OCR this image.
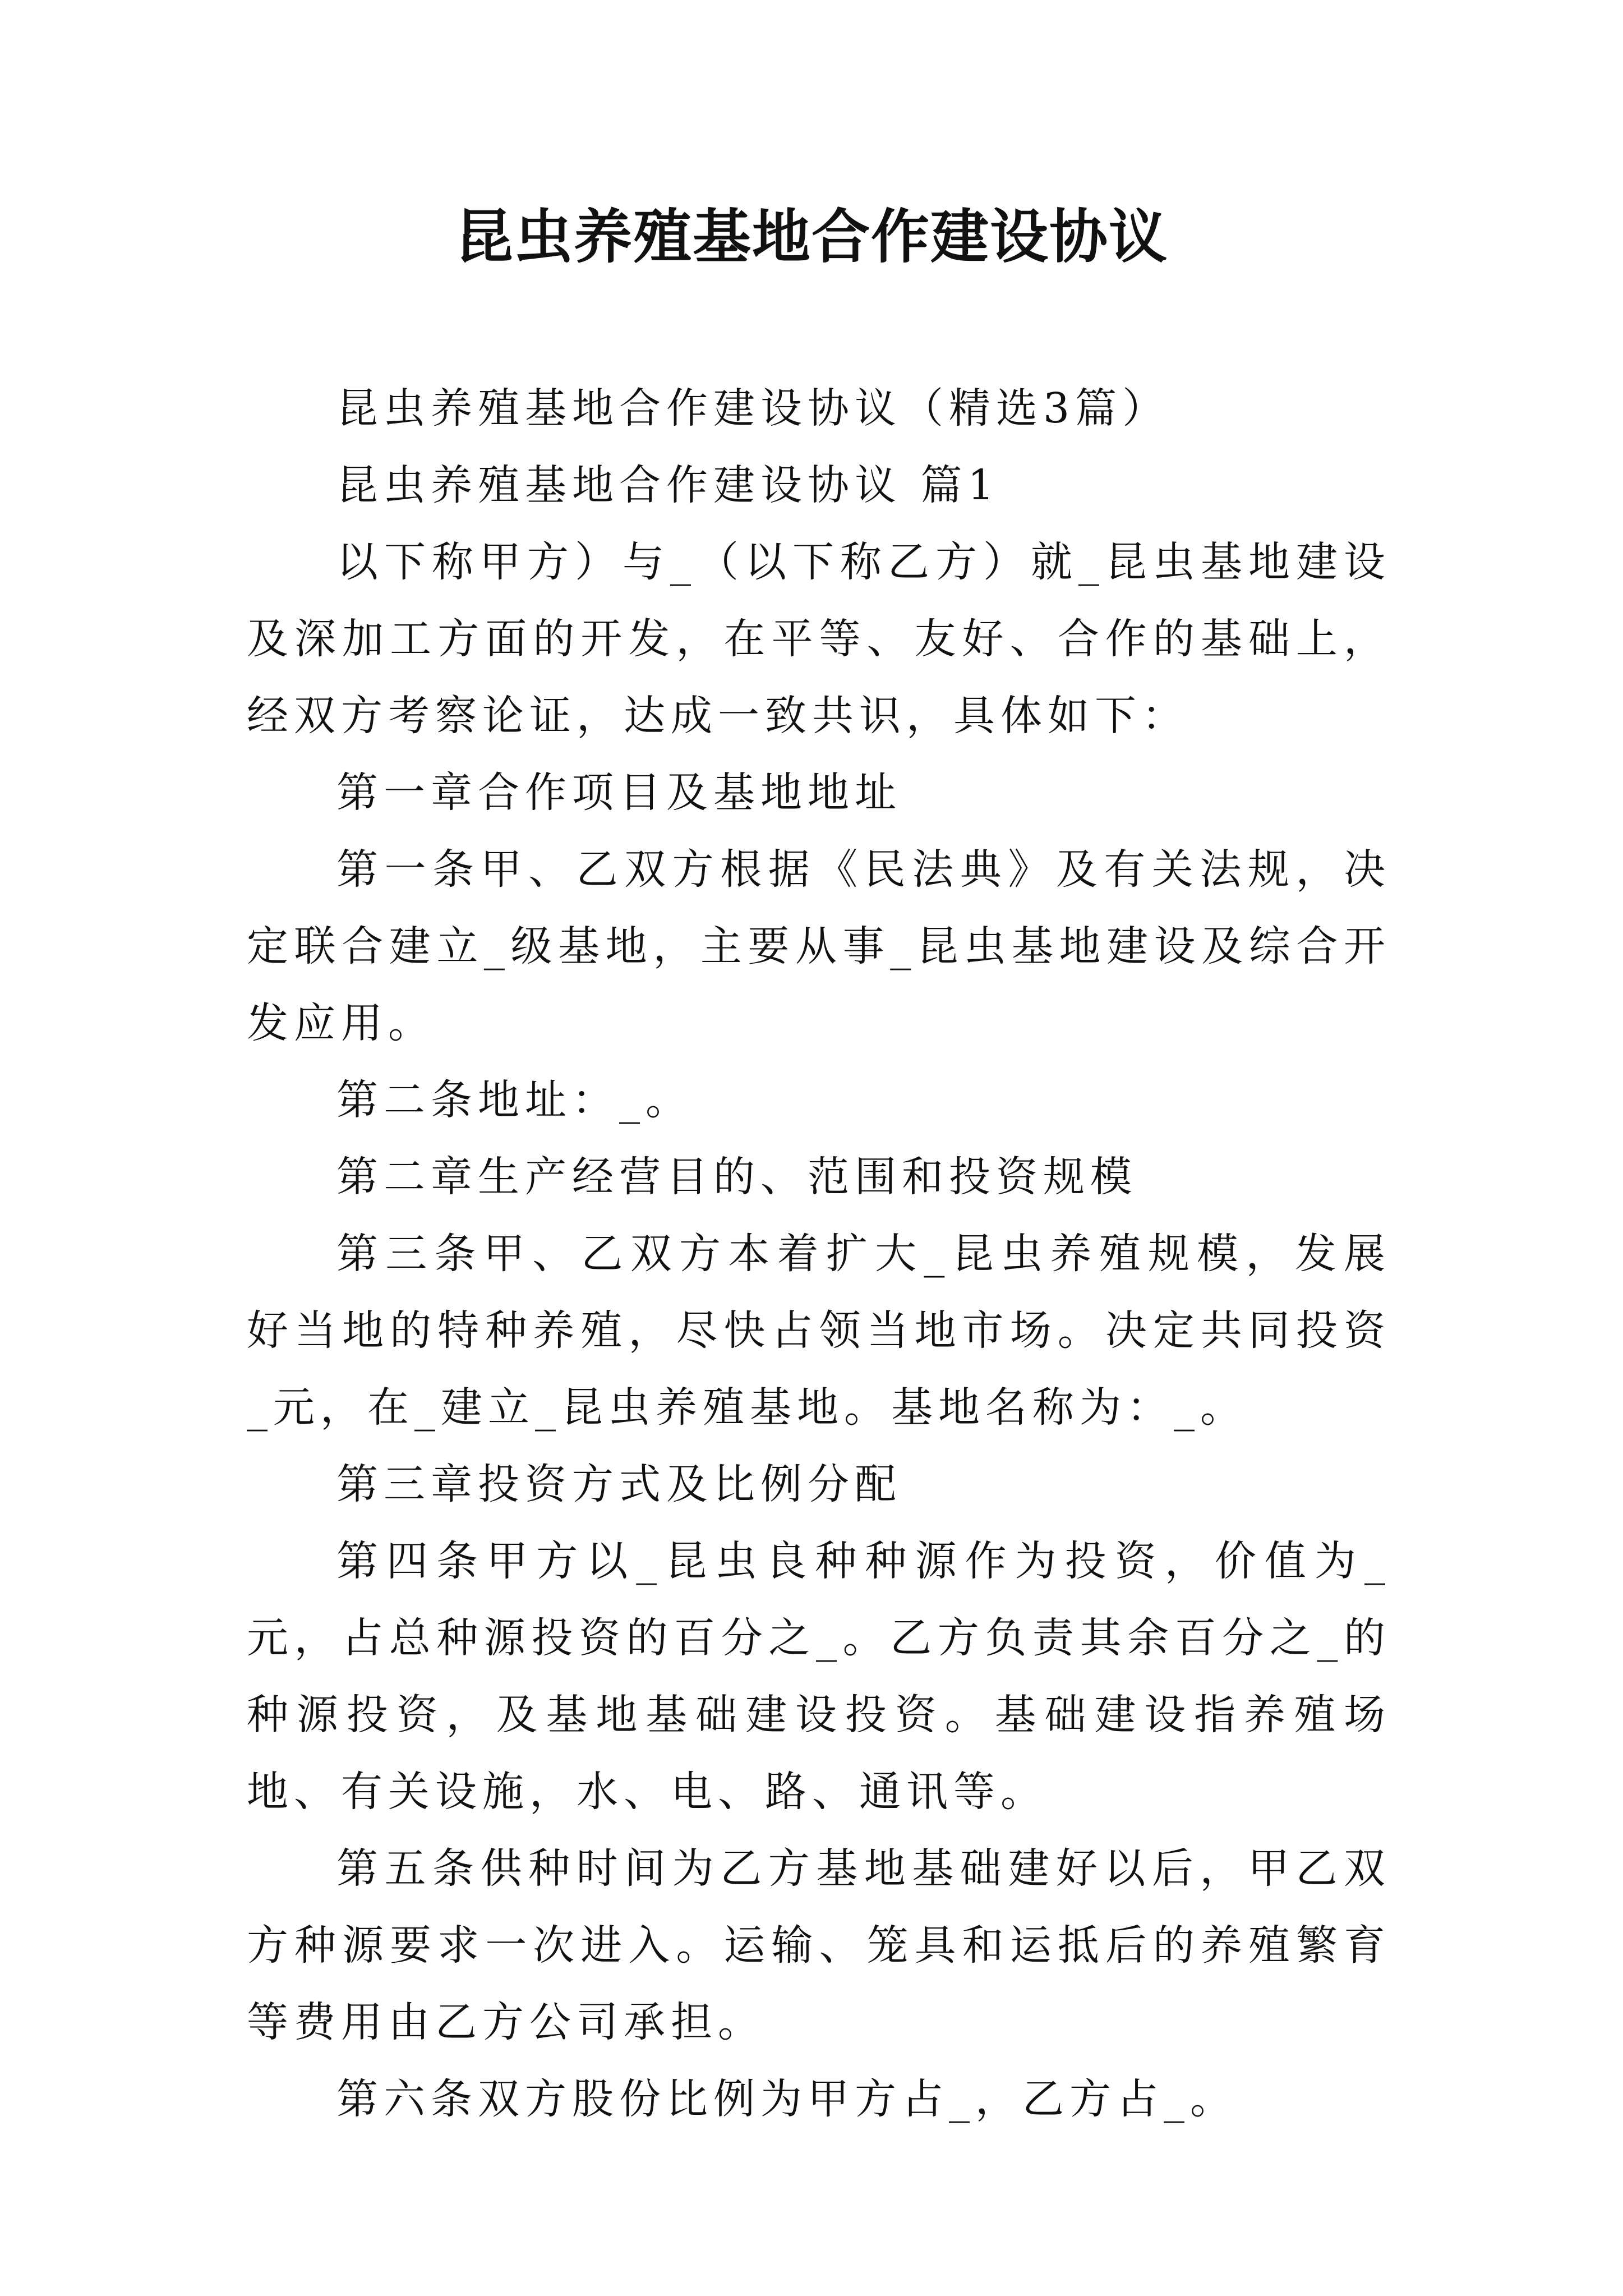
昆虫养殖基地合作建设协议

昆虫养殖基地合作建设协议（精选3篇）

昆虫养殖基地合作建设协议 篇1

以下称甲方）与_（以下称乙方）就_昆虫基地建设及深加工方面的开发，在平等、友好、合作的基础上，经双方考察论证，达成一致共识，具体如下：

第一章合作项目及基地地址

第一条甲、乙双方根据《民法典》及有关法规，决定联合建立_级基地，主要从事_昆虫基地建设及综合开发应用。

第二条地址：_。

第二章生产经营目的、范围和投资规模

第三条甲、乙双方本着扩大_昆虫养殖规模，发展好当地的特种养殖，尽快占领当地市场。决定共同投资_元，在_建立_昆虫养殖基地。基地名称为：_。

第三章投资方式及比例分配

第四条甲方以_昆虫良种种源作为投资，价值为_元，占总种源投资的百分之_。乙方负责其余百分之_的种源投资，及基地基础建设投资。基础建设指养殖场地、有关设施，水、电、路、通讯等。

第五条供种时间为乙方基地基础建好以后，甲乙双方种源要求一次进入。运输、笼具和运抵后的养殖繁育等费用由乙方公司承担。

第六条双方股份比例为甲方占_，乙方占_。
